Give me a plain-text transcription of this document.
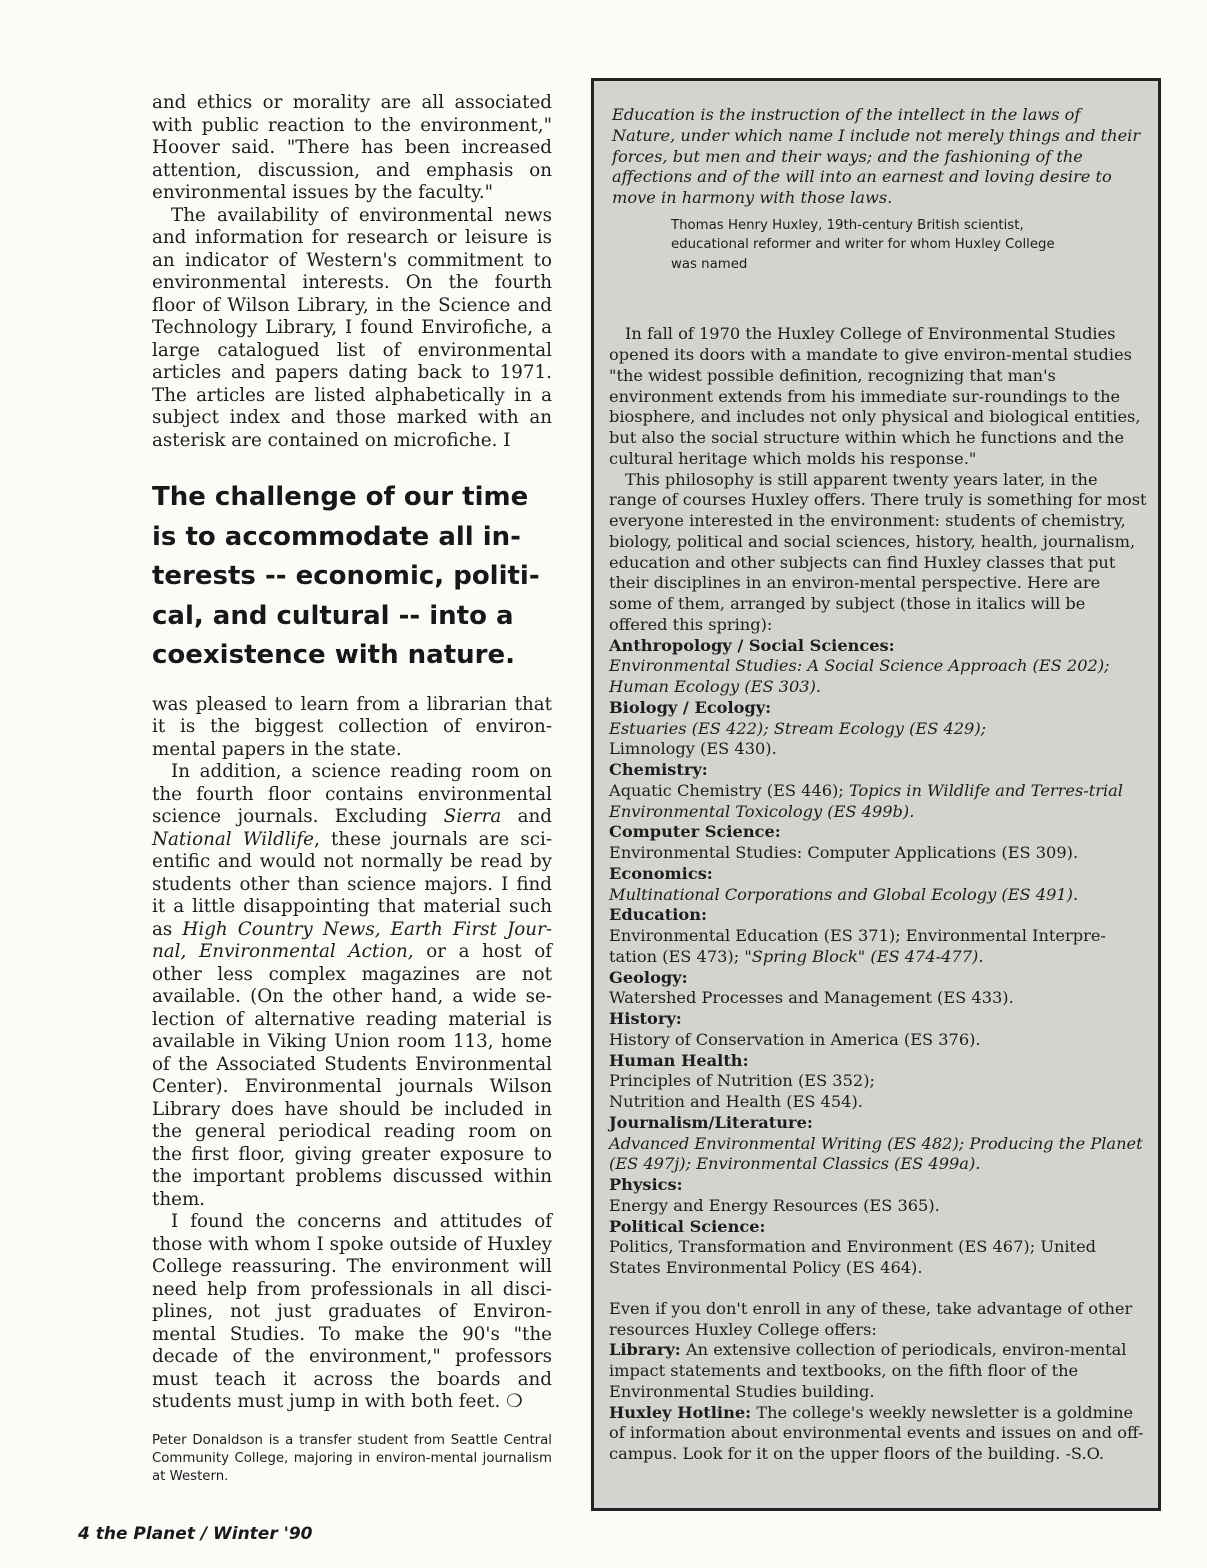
and ethics or morality are all associated with public reaction to the environment," Hoover said. "There has been increased attention, discussion, and emphasis on environmental issues by the faculty."

The availability of environmental news and information for research or leisure is an indicator of Western's commitment to environmental interests. On the fourth floor of Wilson Library, in the Science and Technology Library, I found Envirofiche, a large catalogued list of environmental articles and papers dating back to 1971. The articles are listed alphabetically in a subject index and those marked with an asterisk are contained on microfiche. I

The challenge of our time is to accommodate all in-terests -- economic, politi-cal, and cultural -- into a coexistence with nature.

was pleased to learn from a librarian that it is the biggest collection of environ-mental papers in the state.

In addition, a science reading room on the fourth floor contains environmental science journals. Excluding Sierra and National Wildlife, these journals are sci-entific and would not normally be read by students other than science majors. I find it a little disappointing that material such as High Country News, Earth First Jour-nal, Environmental Action, or a host of other less complex magazines are not available. (On the other hand, a wide se-lection of alternative reading material is available in Viking Union room 113, home of the Associated Students Environmental Center). Environmental journals Wilson Library does have should be included in the general periodical reading room on the first floor, giving greater exposure to the important problems discussed within them.

I found the concerns and attitudes of those with whom I spoke outside of Huxley College reassuring. The environment will need help from professionals in all disci-plines, not just graduates of Environ-mental Studies. To make the 90's "the decade of the environment," professors must teach it across the boards and students must jump in with both feet. ❍

Peter Donaldson is a transfer student from Seattle Central Community College, majoring in environ-mental journalism at Western.
4 the Planet / Winter '90
Education is the instruction of the intellect in the laws of Nature, under which name I include not merely things and their forces, but men and their ways; and the fashioning of the affections and of the will into an earnest and loving desire to move in harmony with those laws.
Thomas Henry Huxley, 19th-century British scientist, educational reformer and writer for whom Huxley College was named

In fall of 1970 the Huxley College of Environmental Studies opened its doors with a mandate to give environ-mental studies "the widest possible definition, recognizing that man's environment extends from his immediate sur-roundings to the biosphere, and includes not only physical and biological entities, but also the social structure within which he functions and the cultural heritage which molds his response."

This philosophy is still apparent twenty years later, in the range of courses Huxley offers. There truly is something for most everyone interested in the environment: students of chemistry, biology, political and social sciences, history, health, journalism, education and other subjects can find Huxley classes that put their disciplines in an environ-mental perspective. Here are some of them, arranged by subject (those in italics will be offered this spring):

Anthropology / Social Sciences:
Environmental Studies: A Social Science Approach (ES 202);
Human Ecology (ES 303).
Biology / Ecology:
Estuaries (ES 422); Stream Ecology (ES 429);
Limnology (ES 430).
Chemistry:
Aquatic Chemistry (ES 446); Topics in Wildlife and Terres-trial Environmental Toxicology (ES 499b).
Computer Science:
Environmental Studies: Computer Applications (ES 309).
Economics:
Multinational Corporations and Global Ecology (ES 491).
Education:
Environmental Education (ES 371); Environmental Interpre-tation (ES 473); "Spring Block" (ES 474-477).
Geology:
Watershed Processes and Management (ES 433).
History:
History of Conservation in America (ES 376).
Human Health:
Principles of Nutrition (ES 352);
Nutrition and Health (ES 454).
Journalism/Literature:
Advanced Environmental Writing (ES 482); Producing the Planet (ES 497j); Environmental Classics (ES 499a).
Physics:
Energy and Energy Resources (ES 365).
Political Science:
Politics, Transformation and Environment (ES 467); United States Environmental Policy (ES 464).

Even if you don't enroll in any of these, take advantage of other resources Huxley College offers:

Library: An extensive collection of periodicals, environ-mental impact statements and textbooks, on the fifth floor of the Environmental Studies building.

Huxley Hotline: The college's weekly newsletter is a goldmine of information about environmental events and issues on and off-campus. Look for it on the upper floors of the building. -S.O.
